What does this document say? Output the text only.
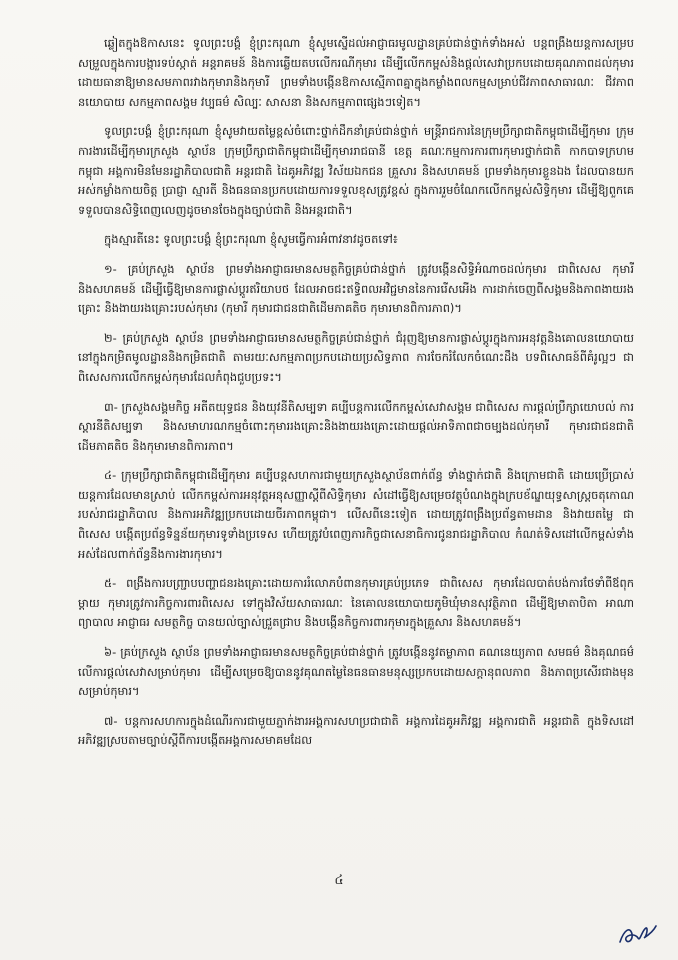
ឆ្លៀតក្នុងឱកាសនេះ ទូលព្រះបង្គំ ខ្ញុំព្រះករុណា ខ្ញុំសូមស្នើដល់អាជ្ញាធរមូលដ្ឋានគ្រប់ជាន់ថ្នាក់ទាំងអស់ បន្តពង្រឹងយន្តការសម្របសម្រួលក្នុងការបង្ការទប់ស្កាត់ អន្តរាគមន៍ និងការឆ្លើយតបលើករណីកុមារ ដើម្បីលើកកម្ពស់និងផ្តល់សេវាប្រកបដោយគុណភាពដល់កុមារ ដោយធានាឱ្យមានសមភាពរវាងកុមារានិងកុមារី ព្រមទាំងបង្កើនឱកាសស្មើភាពគ្នាក្នុងកម្លាំងពលកម្មសម្រាប់ជីវភាពសាធារណៈ ជីវភាពនយោបាយ សកម្មភាពសង្គម វប្បធម៌ សិល្បៈ សាសនា និងសកម្មភាពផ្សេងៗទៀត។

ទូលព្រះបង្គំ ខ្ញុំព្រះករុណា ខ្ញុំសូមវាយតម្លៃខ្ពស់ចំពោះថ្នាក់ដឹកនាំគ្រប់ជាន់ថ្នាក់ មន្រ្តីរាជការនៃក្រុមប្រឹក្សាជាតិកម្ពុជាដើម្បីកុមារ ក្រុមការងារដើម្បីកុមារក្រសួង ស្ថាប័ន ក្រុមប្រឹក្សាជាតិកម្ពុជាដើម្បីកុមាររាជធានី ខេត្ត គណៈកម្មការការពារកុមារថ្នាក់ជាតិ កាកបាទក្រហមកម្ពុជា អង្គការមិនមែនរដ្ឋាភិបាលជាតិ អន្តរជាតិ ដៃគូអភិវឌ្ឍ វិស័យឯកជន គ្រួសារ និងសហគមន៍ ព្រមទាំងកុមារខ្លួនឯង ដែលបានយកអស់កម្លាំងកាយចិត្ត ប្រាជ្ញា ស្មារតី និងធនធានប្រកបដោយការទទួលខុសត្រូវខ្ពស់ ក្នុងការរួមចំណែកលើកកម្ពស់សិទ្ធិកុមារ ដើម្បីឱ្យពួកគេទទួលបានសិទ្ធិពេញលេញដូចមានចែងក្នុងច្បាប់ជាតិ និងអន្តរជាតិ។

ក្នុងស្មារតីនេះ ទូលព្រះបង្គំ ខ្ញុំព្រះករុណា ខ្ញុំសូមធ្វើការអំពាវនាវដូចតទៅ៖

១- គ្រប់ក្រសួង ស្ថាប័ន ព្រមទាំងអាជ្ញាធរមានសមត្ថកិច្ចគ្រប់ជាន់ថ្នាក់ ត្រូវបង្កើនសិទ្ធិអំណាចដល់កុមារ ជាពិសេស កុមារីនិងសហគមន៍ ដើម្បីធ្វើឱ្យមានការផ្លាស់ប្តូរឥរិយាបថ ដែលអាចជះឥទ្ធិពលអវិជ្ជមាននៃការរើសអើង ការដាក់ចេញពីសង្គមនិងភាពងាយរងគ្រោះ និងងាយរងគ្រោះរបស់កុមារ (កុមារី កុមារជាជនជាតិដើមភាគតិច កុមារមានពិការភាព)។

២- គ្រប់ក្រសួង ស្ថាប័ន ព្រមទាំងអាជ្ញាធរមានសមត្ថកិច្ចគ្រប់ជាន់ថ្នាក់ ជំរុញឱ្យមានការផ្លាស់ប្តូរក្នុងការអនុវត្តនិងគោលនយោបាយនៅក្នុងកម្រិតមូលដ្ឋាននិងកម្រិតជាតិ តាមរយៈសកម្មភាពប្រកបដោយប្រសិទ្ធភាព ការចែករំលែកចំណេះដឹង បទពិសោធន៍ពីគំរូល្អៗ ជាពិសេសការលើកកម្ពស់កុមារដែលកំពុងជួបប្រទះ។

៣- ក្រសួងសង្គមកិច្ច អតីតយុទ្ធជន និងយុវនីតិសម្បទា គប្បីបន្តការលើកកម្ពស់សេវាសង្គម ជាពិសេស ការផ្តល់ប្រឹក្សាយោបល់ ការស្តារនីតិសម្បទា និងសមាហរណកម្មចំពោះកុមាររងគ្រោះនិងងាយរងគ្រោះដោយផ្តល់អាទិភាពជាចម្បងដល់កុមារី កុមារជាជនជាតិដើមភាគតិច និងកុមារមានពិការភាព។

៤- ក្រុមប្រឹក្សាជាតិកម្ពុជាដើម្បីកុមារ គប្បីបន្តសហការជាមួយក្រសួងស្ថាប័នពាក់ព័ន្ធ ទាំងថ្នាក់ជាតិ និងក្រោមជាតិ ដោយប្រើប្រាស់យន្តការដែលមានស្រាប់ លើកកម្ពស់ការអនុវត្តអនុសញ្ញាស្តីពីសិទ្ធិកុមារ សំដៅធ្វើឱ្យសម្រេចវត្ថុបំណងក្នុងក្របខ័ណ្ឌយុទ្ធសាស្ត្រចតុកោណរបស់រាជរដ្ឋាភិបាល និងការអភិវឌ្ឍប្រកបដោយចីរភាពកម្ពុជា។ លើសពីនេះទៀត ដោយត្រូវពង្រឹងប្រព័ន្ធតាមដាន និងវាយតម្លៃ ជាពិសេស បង្កើតប្រព័ន្ធទិន្នន័យកុមារទូទាំងប្រទេស ហើយត្រូវបំពេញភារកិច្ចជាសេនាធិការជូនរាជរដ្ឋាភិបាល កំណត់ទិសដៅលើកម្ពស់ទាំងអស់ដែលពាក់ព័ន្ធនឹងការងារកុមារ។

៥- ពង្រឹងការបញ្ជ្រាបបញ្ហាជនរងគ្រោះដោយការរំលោភបំពានកុមារគ្រប់ប្រភេទ ជាពិសេស កុមារដែលបាត់បង់ការថែទាំពីឪពុកម្តាយ កុមារត្រូវការកិច្ចការពារពិសេស ទៅក្នុងវិស័យសាធារណៈ នៃគោលនយោបាយភូមិឃុំមានសុវត្ថិភាព ដើម្បីឱ្យមាតាបិតា អាណាព្យាបាល អាជ្ញាធរ សមត្ថកិច្ច បានយល់ច្បាស់ជ្រួតជ្រាប និងបង្កើនកិច្ចការពារកុមារក្នុងគ្រួសារ និងសហគមន៍។

៦- គ្រប់ក្រសួង ស្ថាប័ន ព្រមទាំងអាជ្ញាធរមានសមត្ថកិច្ចគ្រប់ជាន់ថ្នាក់ ត្រូវបង្កើននូវតម្លាភាព គណនេយ្យភាព សមធម៌ និងគុណធម៌លើការផ្តល់សេវាសម្រាប់កុមារ ដើម្បីសម្រេចឱ្យបាននូវគុណតម្លៃនៃធនធានមនុស្សប្រកបដោយសក្តានុពលភាព និងភាពប្រសើរជាងមុនសម្រាប់កុមារ។

៧- បន្តការសហការក្នុងដំណើរការជាមួយភ្នាក់ងារអង្គការសហប្រជាជាតិ អង្គការដៃគូអភិវឌ្ឍ អង្គការជាតិ អន្តរជាតិ ក្នុងទិសដៅអភិវឌ្ឍស្របតាមច្បាប់ស្តីពីការបង្កើតអង្គការសមាគមដែល

៤
